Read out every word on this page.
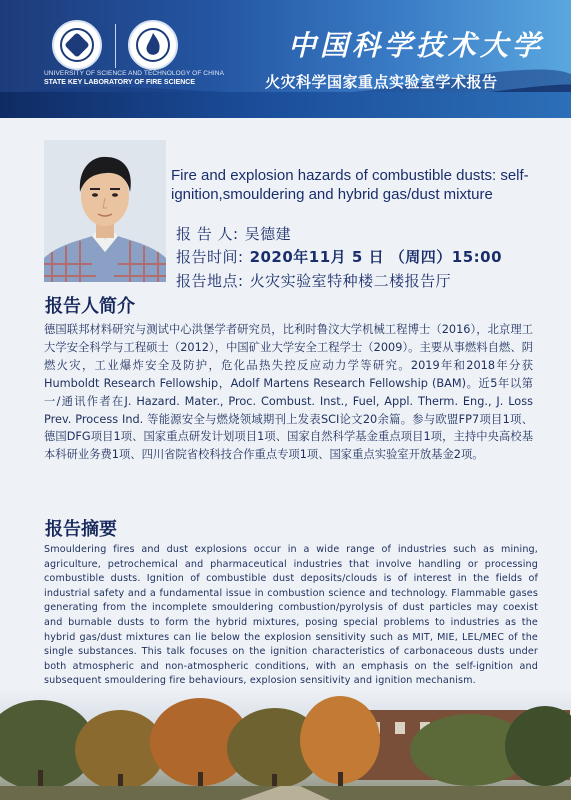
UNIVERSITY OF SCIENCE AND TECHNOLOGY OF CHINA
STATE KEY LABORATORY OF FIRE SCIENCE
中国科学技术大学
火灾科学国家重点实验室学术报告
Fire and explosion hazards of combustible dusts: self-ignition,smouldering and hybrid gas/dust mixture
报 告 人: 吴德建
报告时间: 2020年11月 5 日 （周四）15:00
报告地点: 火灾实验室特种楼二楼报告厅
报告人简介
德国联邦材料研究与测试中心洪堡学者研究员，比利时鲁汶大学机械工程博士（2016），北京理工大学安全科学与工程硕士（2012），中国矿业大学安全工程学士（2009）。主要从事燃料自燃、阴燃火灾，工业爆炸安全及防护，危化品热失控反应动力学等研究。2019年和2018年分获Humboldt Research Fellowship，Adolf Martens Research Fellowship (BAM)。近5年以第一/通讯作者在J. Hazard. Mater., Proc. Combust. Inst., Fuel, Appl. Therm. Eng., J. Loss Prev. Process Ind. 等能源安全与燃烧领域期刊上发表SCI论文20余篇。参与欧盟FP7项目1项、德国DFG项目1项、国家重点研发计划项目1项、国家自然科学基金重点项目1项，主持中央高校基本科研业务费1项、四川省院省校科技合作重点专项1项、国家重点实验室开放基金2项。
报告摘要
Smouldering fires and dust explosions occur in a wide range of industries such as mining, agriculture, petrochemical and pharmaceutical industries that involve handling or processing combustible dusts. Ignition of combustible dust deposits/clouds is of interest in the fields of industrial safety and a fundamental issue in combustion science and technology. Flammable gases generating from the incomplete smouldering combustion/pyrolysis of dust particles may coexist and burnable dusts to form the hybrid mixtures, posing special problems to industries as the hybrid gas/dust mixtures can lie below the explosion sensitivity such as MIT, MIE, LEL/MEC of the single substances. This talk focuses on the ignition characteristics of carbonaceous dusts under both atmospheric and non-atmospheric conditions, with an emphasis on the self-ignition and subsequent smouldering fire behaviours, explosion sensitivity and ignition mechanism.
